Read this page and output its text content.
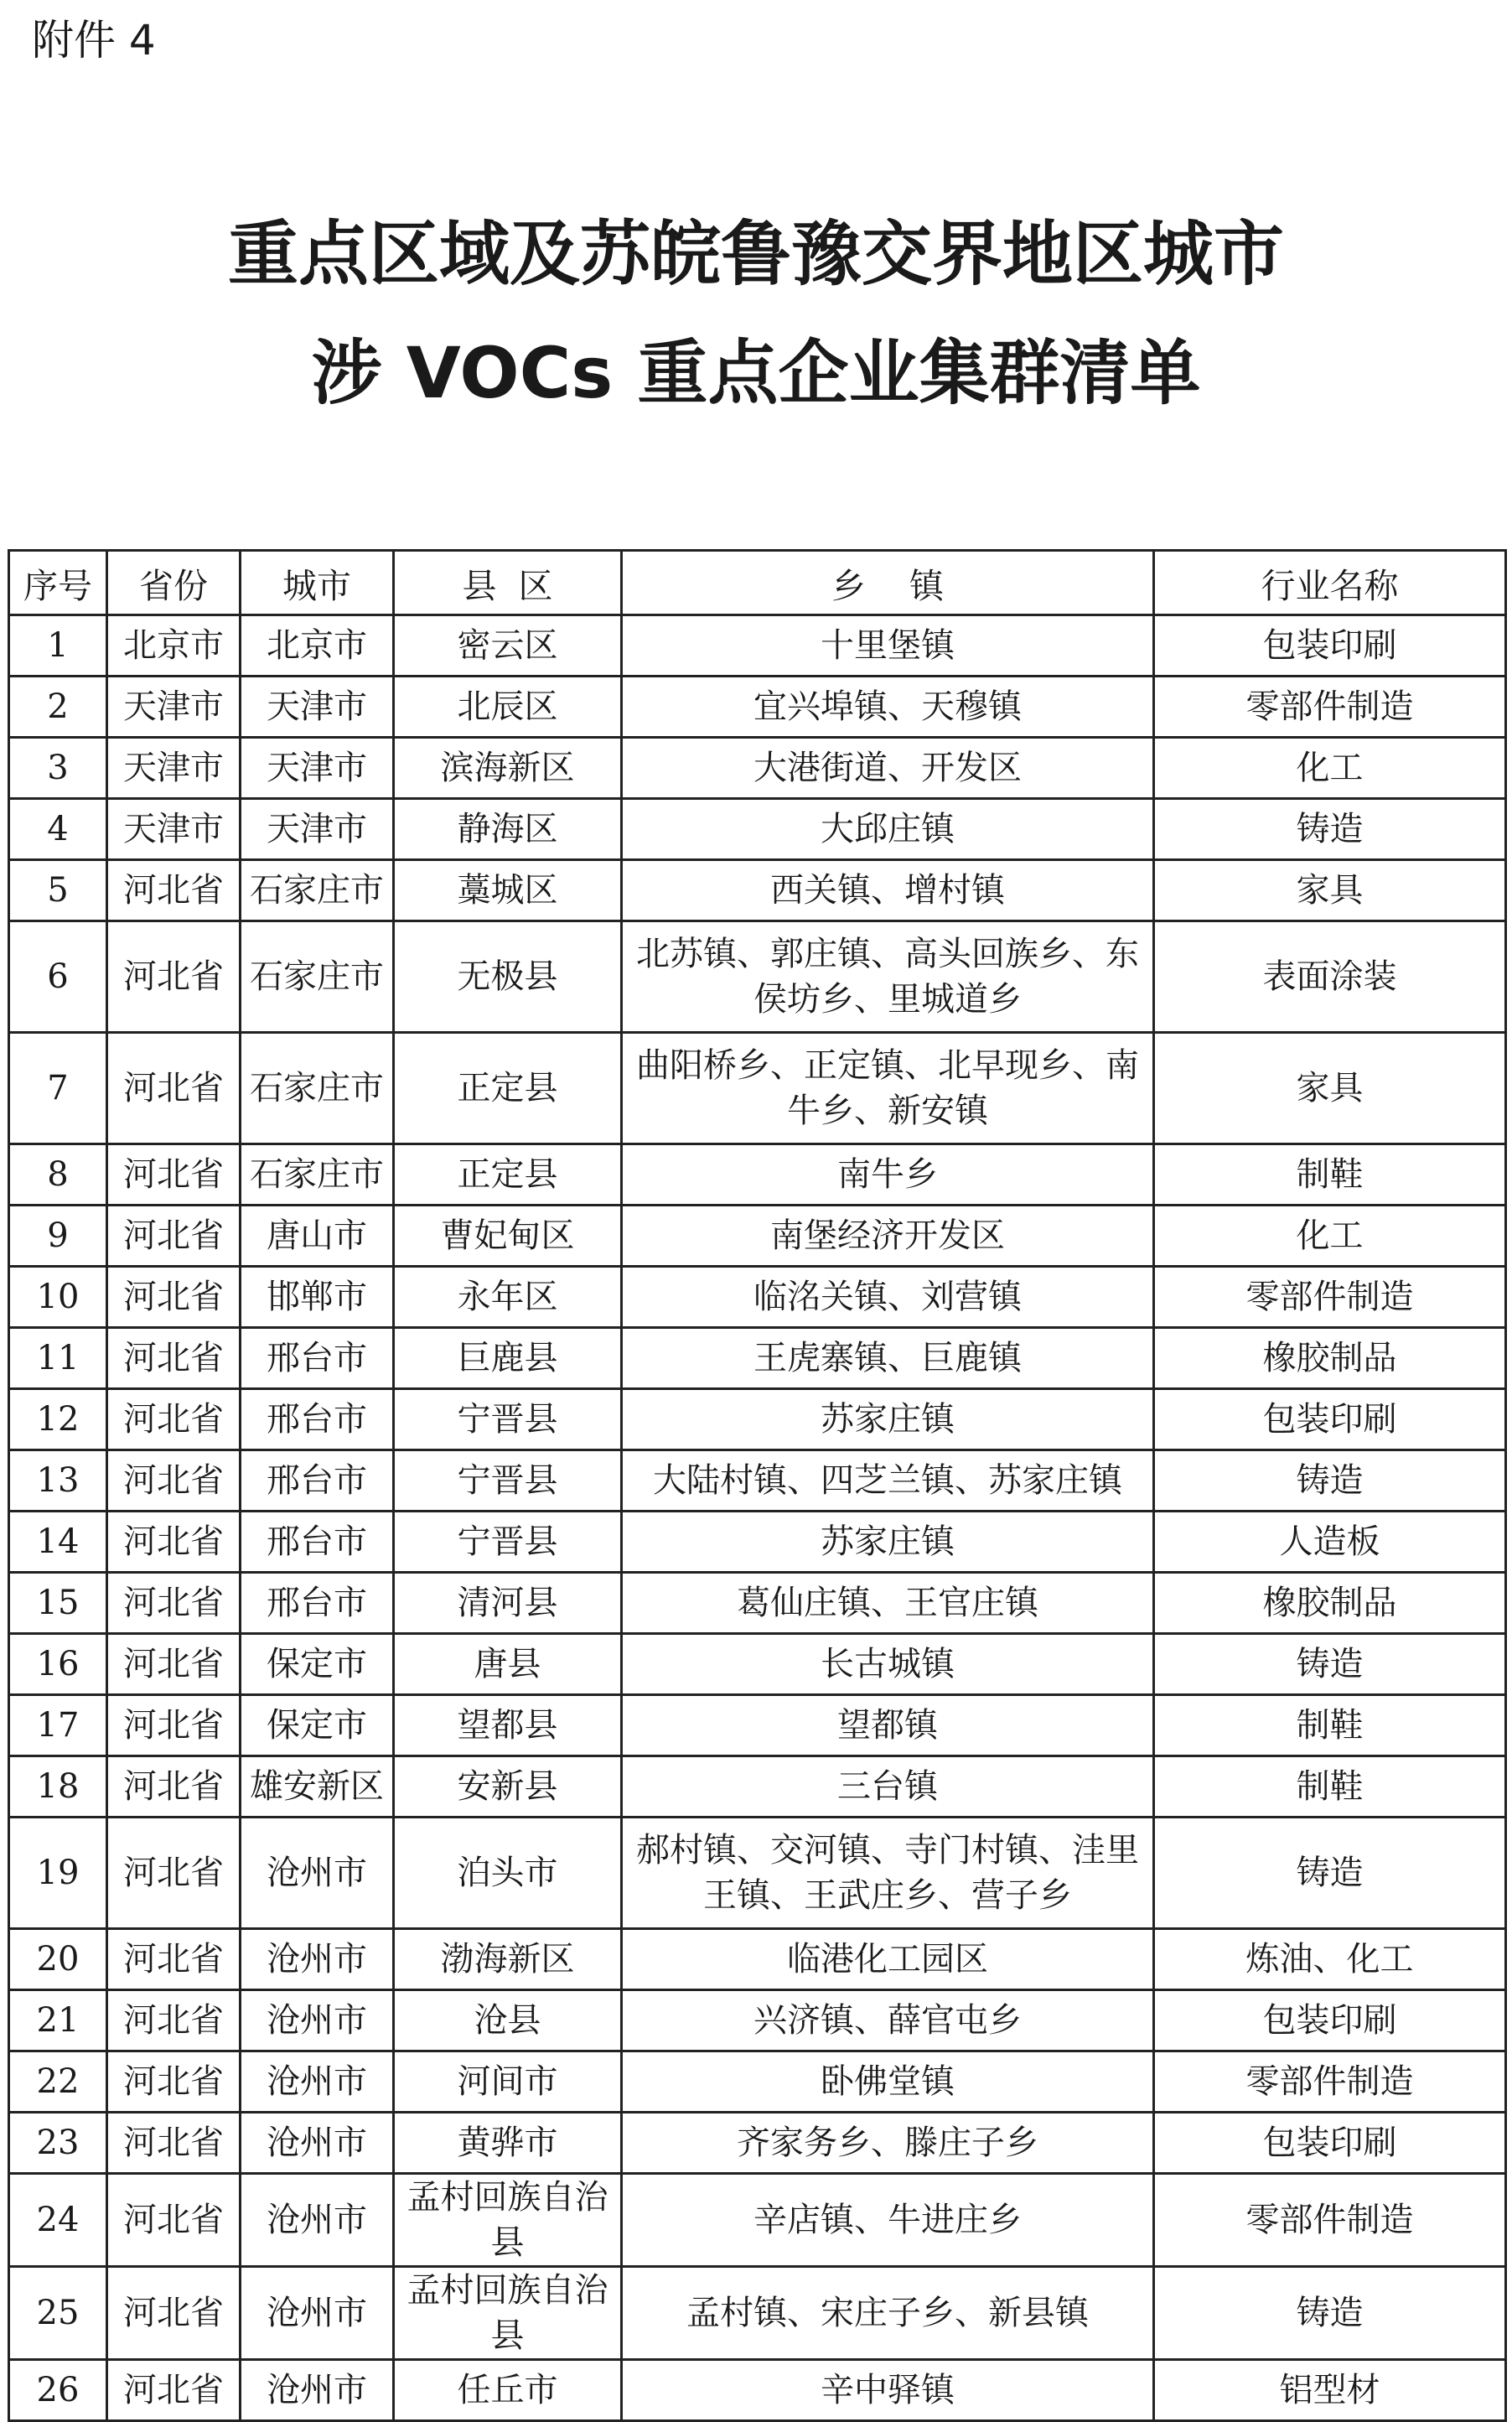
附件 4
重点区域及苏皖鲁豫交界地区城市
涉 VOCs 重点企业集群清单
序号	省份	城市	县  区	乡    镇	行业名称
1	北京市	北京市	密云区	十里堡镇	包装印刷
2	天津市	天津市	北辰区	宜兴埠镇、天穆镇	零部件制造
3	天津市	天津市	滨海新区	大港街道、开发区	化工
4	天津市	天津市	静海区	大邱庄镇	铸造
5	河北省	石家庄市	藁城区	西关镇、增村镇	家具
6	河北省	石家庄市	无极县	北苏镇、郭庄镇、高头回族乡、东侯坊乡、里城道乡	表面涂装
7	河北省	石家庄市	正定县	曲阳桥乡、正定镇、北早现乡、南牛乡、新安镇	家具
8	河北省	石家庄市	正定县	南牛乡	制鞋
9	河北省	唐山市	曹妃甸区	南堡经济开发区	化工
10	河北省	邯郸市	永年区	临洺关镇、刘营镇	零部件制造
11	河北省	邢台市	巨鹿县	王虎寨镇、巨鹿镇	橡胶制品
12	河北省	邢台市	宁晋县	苏家庄镇	包装印刷
13	河北省	邢台市	宁晋县	大陆村镇、四芝兰镇、苏家庄镇	铸造
14	河北省	邢台市	宁晋县	苏家庄镇	人造板
15	河北省	邢台市	清河县	葛仙庄镇、王官庄镇	橡胶制品
16	河北省	保定市	唐县	长古城镇	铸造
17	河北省	保定市	望都县	望都镇	制鞋
18	河北省	雄安新区	安新县	三台镇	制鞋
19	河北省	沧州市	泊头市	郝村镇、交河镇、寺门村镇、洼里王镇、王武庄乡、营子乡	铸造
20	河北省	沧州市	渤海新区	临港化工园区	炼油、化工
21	河北省	沧州市	沧县	兴济镇、薛官屯乡	包装印刷
22	河北省	沧州市	河间市	卧佛堂镇	零部件制造
23	河北省	沧州市	黄骅市	齐家务乡、滕庄子乡	包装印刷
24	河北省	沧州市	孟村回族自治县	辛店镇、牛进庄乡	零部件制造
25	河北省	沧州市	孟村回族自治县	孟村镇、宋庄子乡、新县镇	铸造
26	河北省	沧州市	任丘市	辛中驿镇	铝型材
